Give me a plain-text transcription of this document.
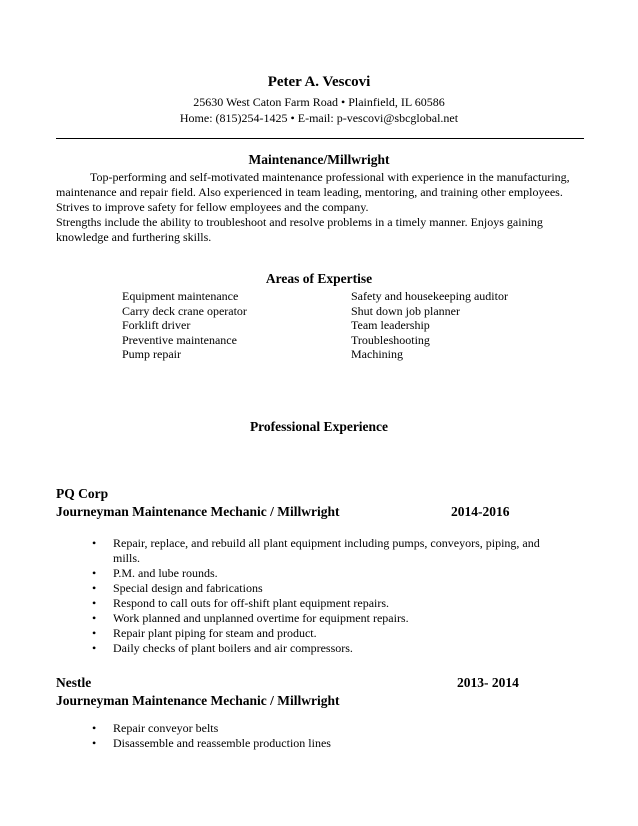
Peter A. Vescovi
25630 West Caton Farm Road • Plainfield, IL 60586
Home: (815)254-1425 • E-mail: p-vescovi@sbcglobal.net
Maintenance/Millwright

Top-performing and self-motivated maintenance professional with experience in the manufacturing, maintenance and repair field. Also experienced in team leading, mentoring, and training other employees. Strives to improve safety for fellow employees and the company.

Strengths include the ability to troubleshoot and resolve problems in a timely manner. Enjoys gaining knowledge and furthering skills.

Areas of Expertise
Equipment maintenance
Carry deck crane operator
Forklift driver
Preventive maintenance
Pump repair
Safety and housekeeping auditor
Shut down job planner
Team leadership
Troubleshooting
Machining
Professional Experience
PQ Corp
Journeyman Maintenance Mechanic / Millwright	2014-2016
• Repair, replace, and rebuild all plant equipment including pumps, conveyors, piping, and mills.
• P.M. and lube rounds.
• Special design and fabrications
• Respond to call outs for off-shift plant equipment repairs.
• Work planned and unplanned overtime for equipment repairs.
• Repair plant piping for steam and product.
• Daily checks of plant boilers and air compressors.
Nestle	2013- 2014
Journeyman Maintenance Mechanic / Millwright
• Repair conveyor belts
• Disassemble and reassemble production lines
